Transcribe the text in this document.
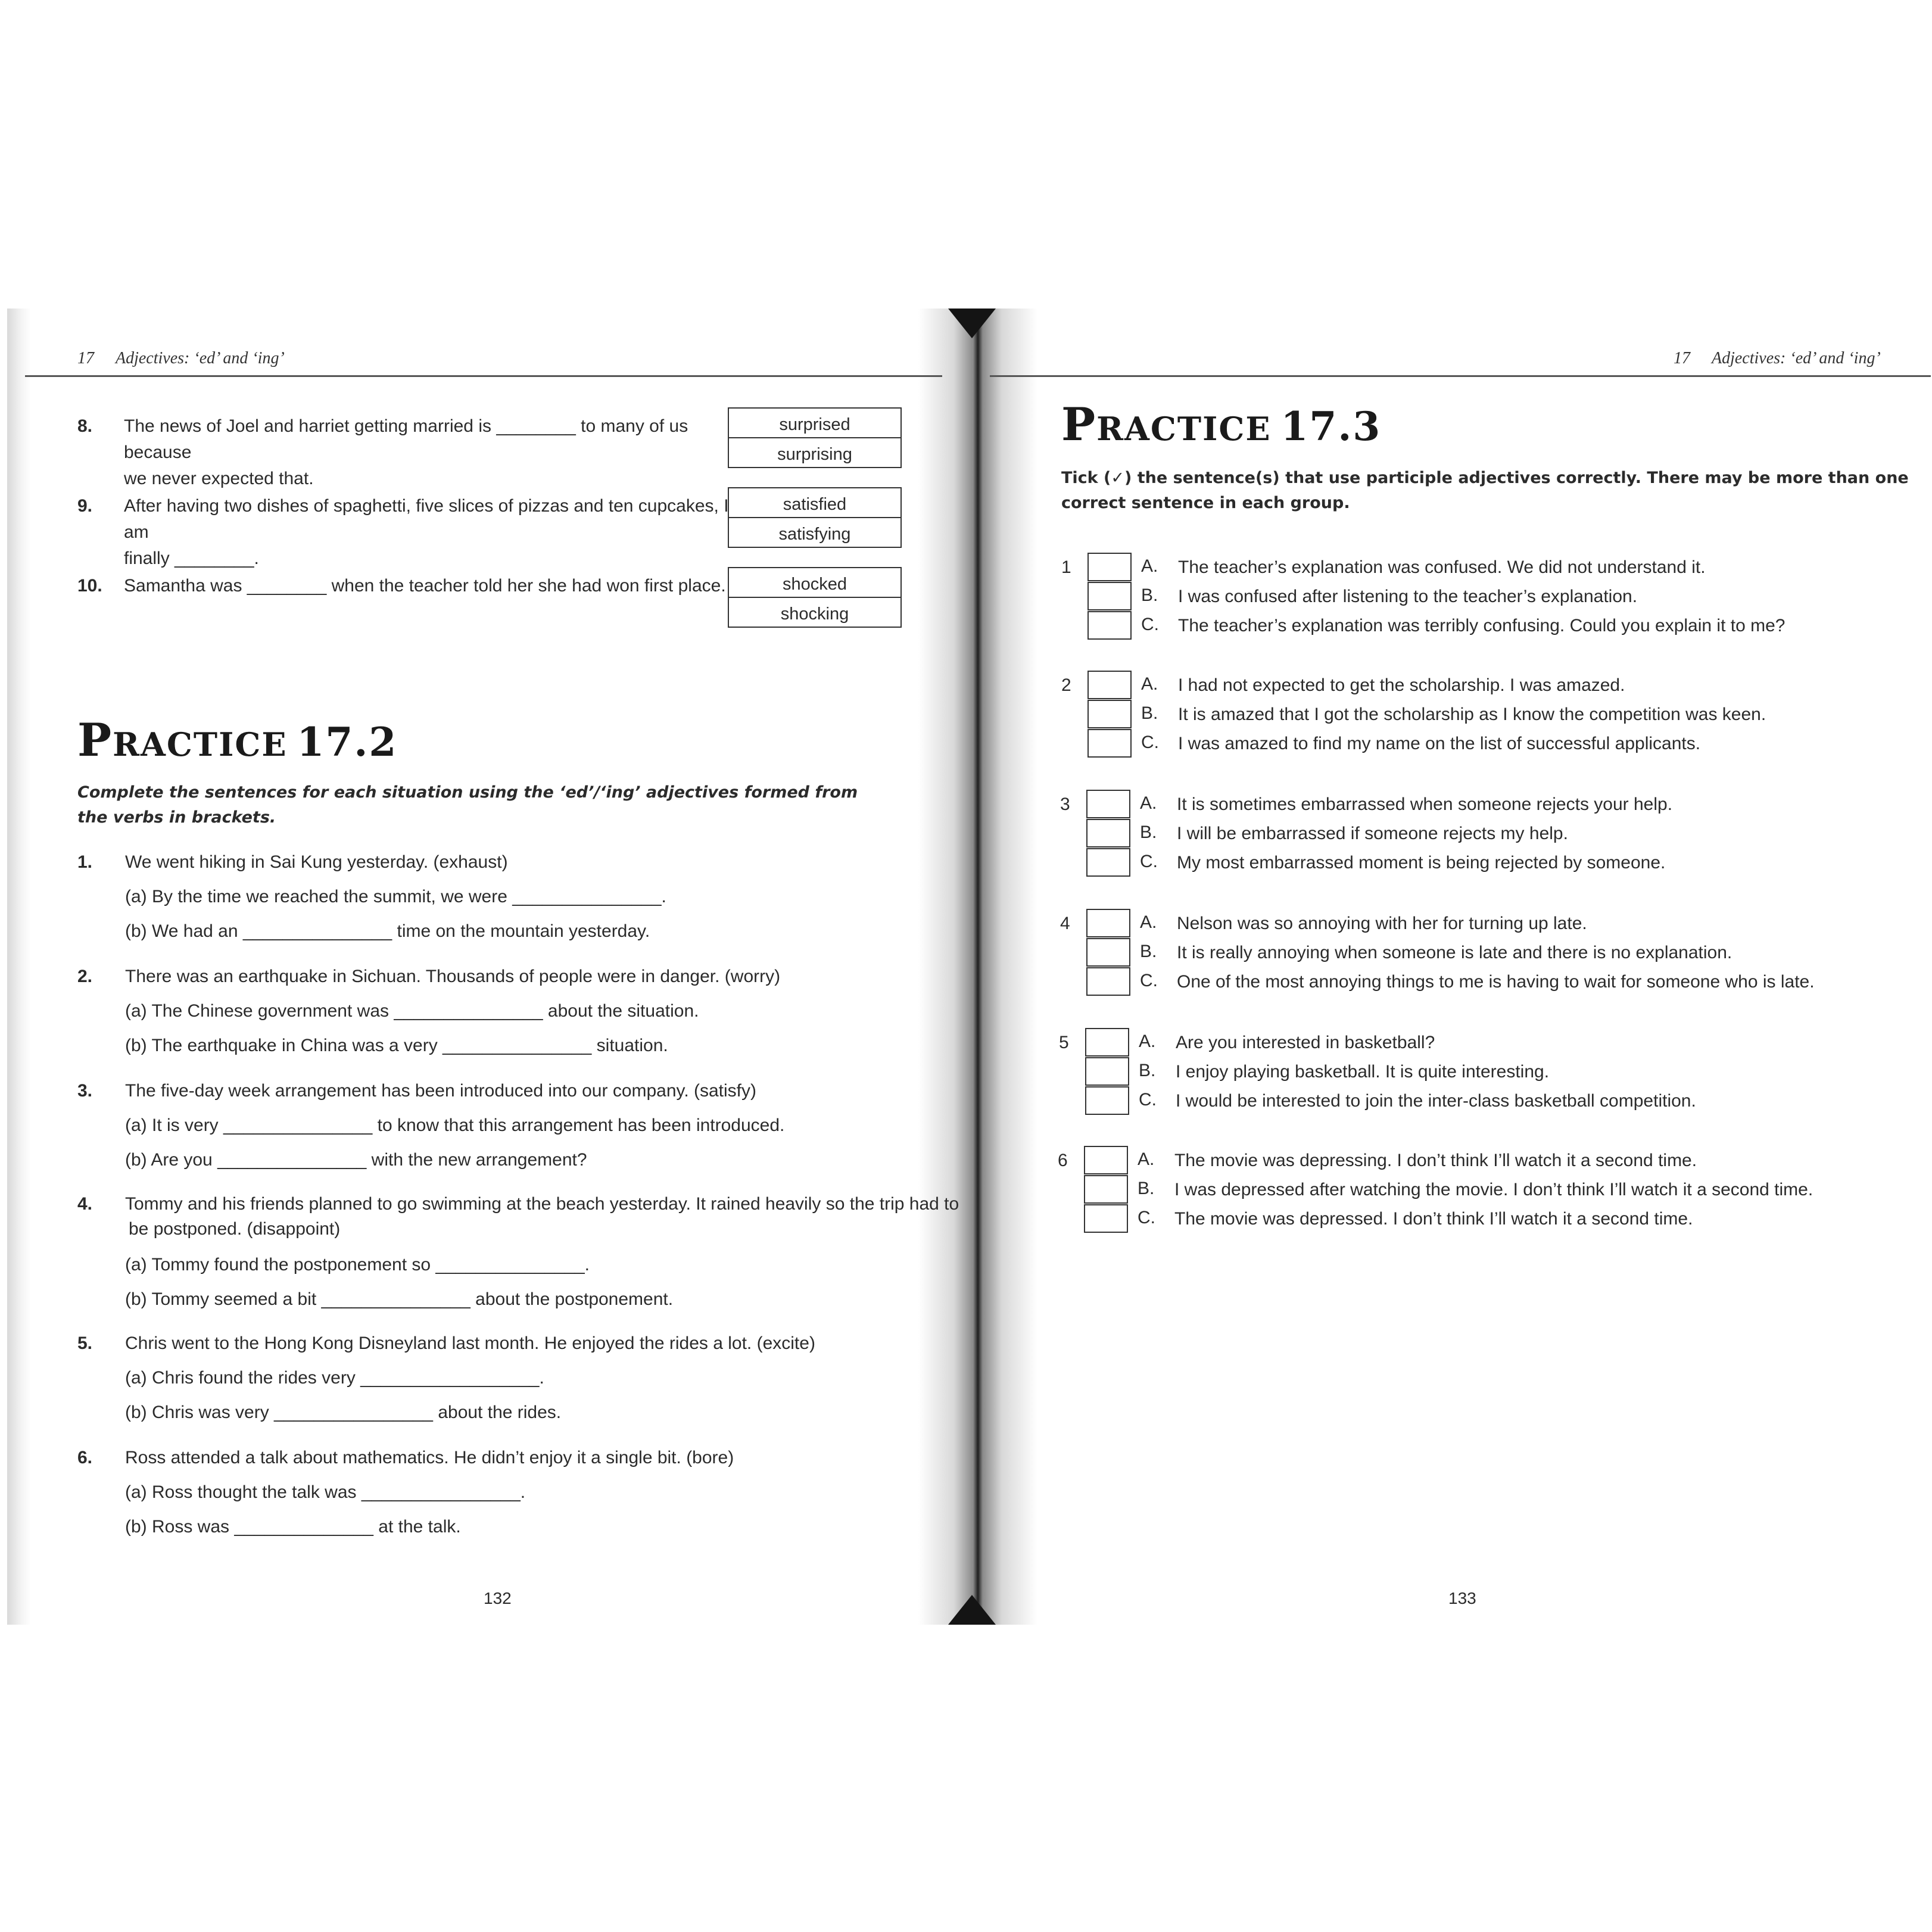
17 Adjectives: ‘ed’ and ‘ing’
8. The news of Joel and harriet getting married is ________ to many of us because
we never expected that.
surprised
surprising
9. After having two dishes of spaghetti, five slices of pizzas and ten cupcakes, I am
finally ________.
satisfied
satisfying
10. Samantha was ________ when the teacher told her she had won first place.	shocked
shocking
PRACTICE 17.2
Complete the sentences for each situation using the ‘ed’/‘ing’ adjectives formed from the verbs in brackets.
1. We went hiking in Sai Kung yesterday. (exhaust)
(a) By the time we reached the summit, we were _______________.
(b) We had an _______________ time on the mountain yesterday.
2. There was an earthquake in Sichuan. Thousands of people were in danger. (worry)
(a) The Chinese government was _______________ about the situation.
(b) The earthquake in China was a very _______________ situation.
3. The five-day week arrangement has been introduced into our company. (satisfy)
(a) It is very _______________ to know that this arrangement has been introduced.
(b) Are you _______________ with the new arrangement?
4. Tommy and his friends planned to go swimming at the beach yesterday. It rained heavily so the trip had to
be postponed. (disappoint)
(a) Tommy found the postponement so _______________.
(b) Tommy seemed a bit _______________ about the postponement.
5. Chris went to the Hong Kong Disneyland last month. He enjoyed the rides a lot. (excite)
(a) Chris found the rides very __________________.
(b) Chris was very ________________ about the rides.
6. Ross attended a talk about mathematics. He didn’t enjoy it a single bit. (bore)
(a) Ross thought the talk was ________________.
(b) Ross was ______________ at the talk.
132
17 Adjectives: ‘ed’ and ‘ing’
PRACTICE 17.3
Tick (✓) the sentence(s) that use participle adjectives correctly. There may be more than one correct sentence in each group.
1	A. The teacher’s explanation was confused. We did not understand it.
B. I was confused after listening to the teacher’s explanation.
C. The teacher’s explanation was terribly confusing. Could you explain it to me?
2	A. I had not expected to get the scholarship. I was amazed.
B. It is amazed that I got the scholarship as I know the competition was keen.
C. I was amazed to find my name on the list of successful applicants.
3	A. It is sometimes embarrassed when someone rejects your help.
B. I will be embarrassed if someone rejects my help.
C. My most embarrassed moment is being rejected by someone.
4	A. Nelson was so annoying with her for turning up late.
B. It is really annoying when someone is late and there is no explanation.
C. One of the most annoying things to me is having to wait for someone who is late.
5	A. Are you interested in basketball?
B. I enjoy playing basketball. It is quite interesting.
C. I would be interested to join the inter-class basketball competition.
6	A. The movie was depressing. I don’t think I’ll watch it a second time.
B. I was depressed after watching the movie. I don’t think I’ll watch it a second time.
C. The movie was depressed. I don’t think I’ll watch it a second time.
133
